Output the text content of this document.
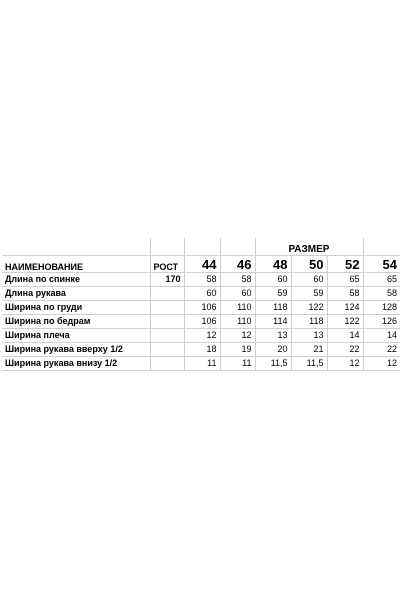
				РАЗМЕР			
НАИМЕНОВАНИЕ	РОСТ	44	46	48	50	52	54
Длина по спинке	170	58	58	60	60	65	65
Длина рукава		60	60	59	59	58	58
Ширина по груди		106	110	118	122	124	128
Ширина по бедрам		106	110	114	118	122	126
Ширина плеча		12	12	13	13	14	14
Ширина рукава вверху 1/2		18	19	20	21	22	22
Ширина рукава внизу 1/2		11	11	11,5	11,5	12	12
